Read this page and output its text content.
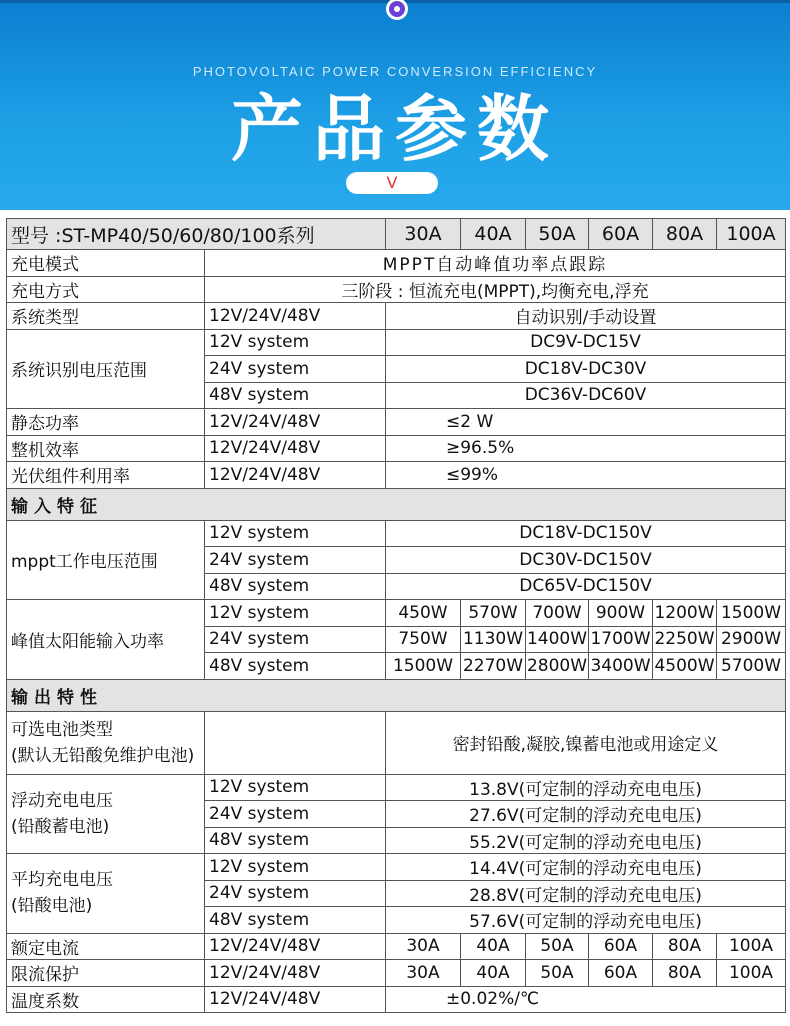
PHOTOVOLTAIC POWER CONVERSION EFFICIENCY
产品参数
V
型号 :ST-MP40/50/60/80/100系列		30A	40A	50A	60A	80A	100A
充电模式	MPPT自动峰值功率点跟踪						
充电方式	三阶段 : 恒流充电(MPPT),均衡充电,浮充						
系统类型	12V/24V/48V	自动识别/手动设置					
系统识别电压范围	12V system	DC9V-DC15V					
	24V system	DC18V-DC30V					
	48V system	DC36V-DC60V					
静态功率	12V/24V/48V	≤2 W					
整机效率	12V/24V/48V	≥96.5%					
光伏组件利用率	12V/24V/48V	≤99%					
输入特征							
mppt工作电压范围	12V system	DC18V-DC150V					
	24V system	DC30V-DC150V					
	48V system	DC65V-DC150V					
峰值太阳能输入功率	12V system	450W	570W	700W	900W	1200W	1500W
	24V system	750W	1130W	1400W	1700W	2250W	2900W
	48V system	1500W	2270W	2800W	3400W	4500W	5700W
输出特性							

可选电池类型
(默认无铅酸免维护电池)		密封铅酸,凝胶,镍蓄电池或用途定义					

浮动充电电压
(铅酸蓄电池)	12V system	13.8V(可定制的浮动充电电压)					
	24V system	27.6V(可定制的浮动充电电压)					
	48V system	55.2V(可定制的浮动充电电压)					

平均充电电压
(铅酸电池)	12V system	14.4V(可定制的浮动充电电压)					
	24V system	28.8V(可定制的浮动充电电压)					
	48V system	57.6V(可定制的浮动充电电压)					
额定电流	12V/24V/48V	30A	40A	50A	60A	80A	100A
限流保护	12V/24V/48V	30A	40A	50A	60A	80A	100A
温度系数	12V/24V/48V	±0.02%/℃					
